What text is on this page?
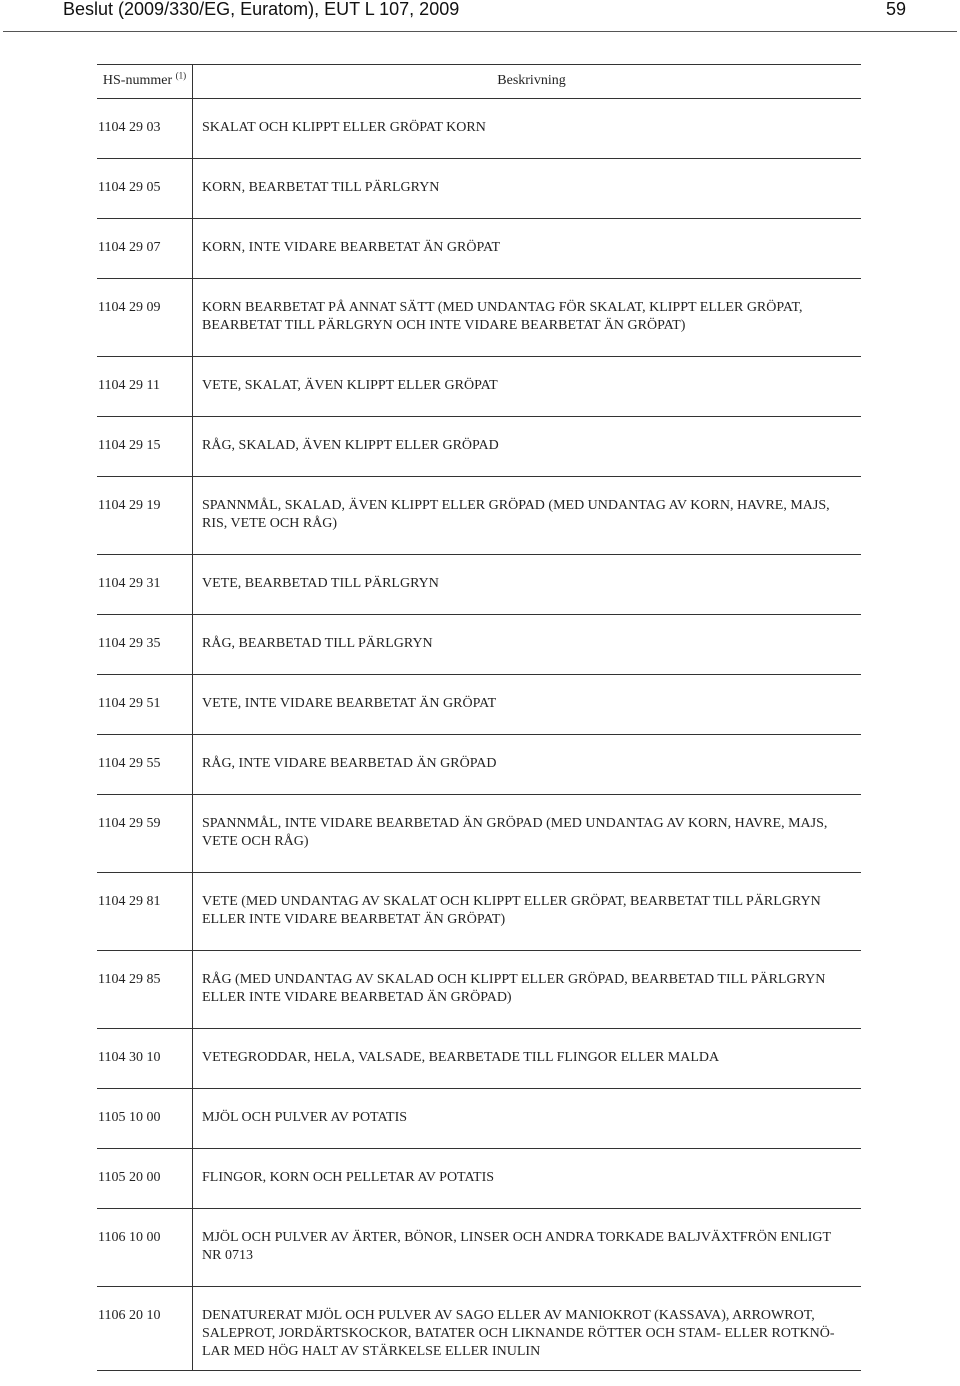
Beslut (2009/330/EG, Euratom), EUT L 107, 2009	59
HS-nummer $^{(1)}$	Beskrivning
1104 29 03	SKALAT OCH KLIPPT ELLER GRÖPAT KORN
1104 29 05	KORN, BEARBETAT TILL PÄRLGRYN
1104 29 07	KORN, INTE VIDARE BEARBETAT ÄN GRÖPAT
1104 29 09	KORN BEARBETAT PÅ ANNAT SÄTT (MED UNDANTAG FÖR SKALAT, KLIPPT ELLER GRÖPAT,
BEARBETAT TILL PÄRLGRYN OCH INTE VIDARE BEARBETAT ÄN GRÖPAT)
1104 29 11	VETE, SKALAT, ÄVEN KLIPPT ELLER GRÖPAT
1104 29 15	RÅG, SKALAD, ÄVEN KLIPPT ELLER GRÖPAD
1104 29 19	SPANNMÅL, SKALAD, ÄVEN KLIPPT ELLER GRÖPAD (MED UNDANTAG AV KORN, HAVRE, MAJS,
RIS, VETE OCH RÅG)
1104 29 31	VETE, BEARBETAD TILL PÄRLGRYN
1104 29 35	RÅG, BEARBETAD TILL PÄRLGRYN
1104 29 51	VETE, INTE VIDARE BEARBETAT ÄN GRÖPAT
1104 29 55	RÅG, INTE VIDARE BEARBETAD ÄN GRÖPAD
1104 29 59	SPANNMÅL, INTE VIDARE BEARBETAD ÄN GRÖPAD (MED UNDANTAG AV KORN, HAVRE, MAJS,
VETE OCH RÅG)
1104 29 81	VETE (MED UNDANTAG AV SKALAT OCH KLIPPT ELLER GRÖPAT, BEARBETAT TILL PÄRLGRYN
ELLER INTE VIDARE BEARBETAT ÄN GRÖPAT)
1104 29 85	RÅG (MED UNDANTAG AV SKALAD OCH KLIPPT ELLER GRÖPAD, BEARBETAD TILL PÄRLGRYN
ELLER INTE VIDARE BEARBETAD ÄN GRÖPAD)
1104 30 10	VETEGRODDAR, HELA, VALSADE, BEARBETADE TILL FLINGOR ELLER MALDA
1105 10 00	MJÖL OCH PULVER AV POTATIS
1105 20 00	FLINGOR, KORN OCH PELLETAR AV POTATIS
1106 10 00	MJÖL OCH PULVER AV ÄRTER, BÖNOR, LINSER OCH ANDRA TORKADE BALJVÄXTFRÖN ENLIGT
NR 0713
1106 20 10	DENATURERAT MJÖL OCH PULVER AV SAGO ELLER AV MANIOKROT (KASSAVA), ARROWROT,
SALEPROT, JORDÄRTSKOCKOR, BATATER OCH LIKNANDE RÖTTER OCH STAM- ELLER ROTKNÖ-
LAR MED HÖG HALT AV STÄRKELSE ELLER INULIN
